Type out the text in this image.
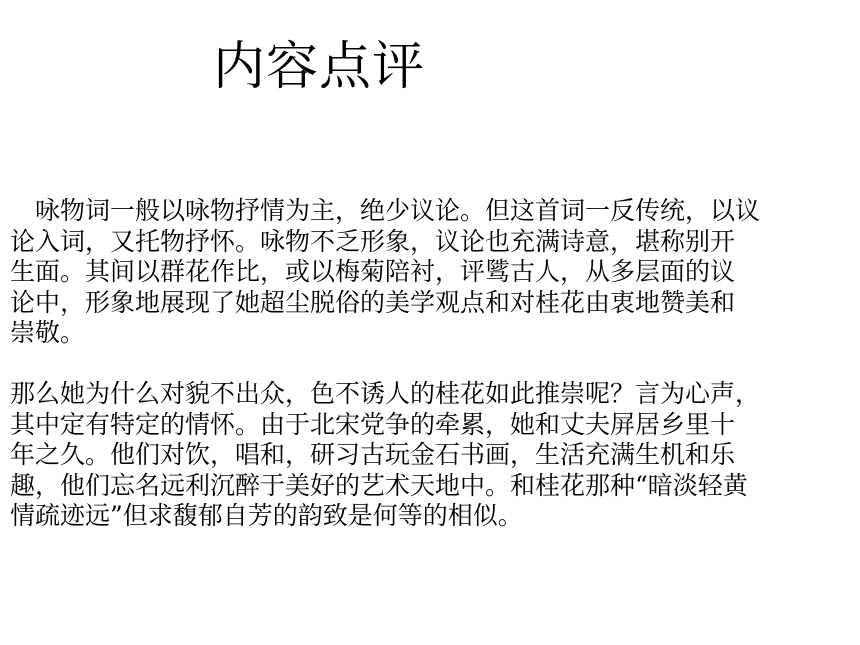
内容点评
　咏物词一般以咏物抒情为主，绝少议论。但这首词一反传统，以议
论入词，又托物抒怀。咏物不乏形象，议论也充满诗意，堪称别开
生面。其间以群花作比，或以梅菊陪衬，评骘古人，从多层面的议
论中，形象地展现了她超尘脱俗的美学观点和对桂花由衷地赞美和
崇敬。
那么她为什么对貌不出众，色不诱人的桂花如此推崇呢？言为心声，
其中定有特定的情怀。由于北宋党争的牵累，她和丈夫屏居乡里十
年之久。他们对饮，唱和，研习古玩金石书画，生活充满生机和乐
趣，他们忘名远利沉醉于美好的艺术天地中。和桂花那种“暗淡轻黄
情疏迹远”但求馥郁自芳的韵致是何等的相似。
